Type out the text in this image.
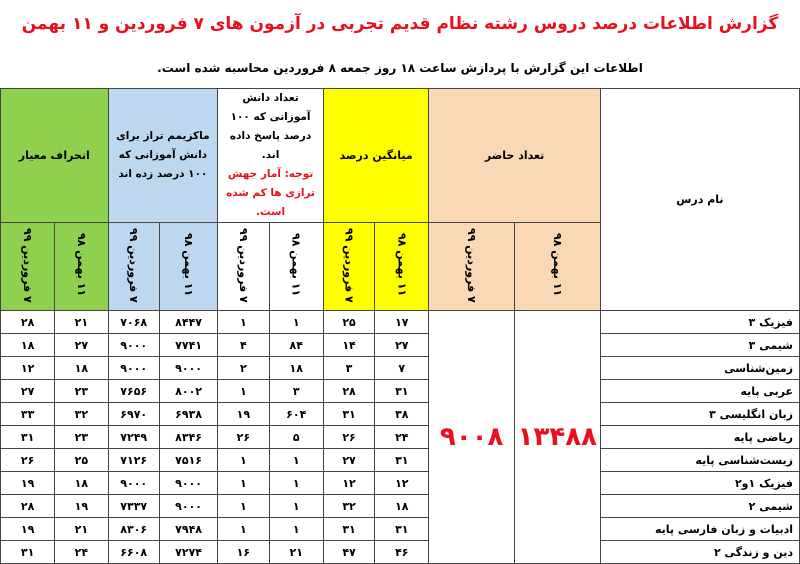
گزارش اطلاعات درصد دروس رشته نظام قدیم تجربی در آزمون های ۷ فروردین و ۱۱ بهمن
اطلاعات این گزارش با پردازش ساعت ۱۸ روز جمعه ۸ فروردین محاسبه شده است.
نام درس	تعداد حاضر		میانگین درصد		تعداد دانش آموزانی که ۱۰۰ درصد پاسخ داده اند.
توجه: آمار جهش ترازی ها کم شده است.		ماکزیمم تراز برای دانش آموزانی که ۱۰۰ درصد زده اند		انحراف معیار	
	۱۱ بهمن ۹۸	۷ فروردین ۹۹	۱۱ بهمن ۹۸	۷ فروردین ۹۹	۱۱ بهمن ۹۸	۷ فروردین ۹۹	۱۱ بهمن ۹۸	۷ فروردین ۹۹	۱۱ بهمن ۹۸	۷ فروردین ۹۹
فیزیک ۳	۱۳۴۸۸	۹۰۰۸	۱۷	۲۵	۱	۱	۸۴۴۷	۷۰۶۸	۲۱	۲۸
شیمی ۳			۲۷	۱۴	۸۴	۴	۷۷۴۱	۹۰۰۰	۲۷	۱۸
زمین‌شناسی			۷	۳	۱۸	۲	۹۰۰۰	۹۰۰۰	۱۸	۱۲
عربی پایه			۳۱	۲۸	۳	۱	۸۰۰۲	۷۶۵۶	۲۳	۲۷
زبان انگلیسی ۳			۳۸	۳۱	۶۰۴	۱۹	۶۹۳۸	۶۹۷۰	۳۲	۳۳
ریاضی پایه			۲۴	۲۶	۵	۲۶	۸۳۴۶	۷۲۴۹	۲۳	۳۱
زیست‌شناسی پایه			۳۱	۲۷	۱	۱	۷۵۱۶	۷۱۲۶	۲۵	۲۶
فیزیک ۱و۲			۱۲	۱۲	۱	۱	۹۰۰۰	۹۰۰۰	۱۸	۱۹
شیمی ۲			۱۸	۳۲	۱	۱	۹۰۰۰	۷۳۳۷	۱۹	۲۸
ادبیات و زبان فارسی پایه			۳۱	۳۱	۱	۱	۷۹۴۸	۸۳۰۶	۲۱	۱۹
دین و زندگی ۲			۴۶	۴۷	۲۱	۱۶	۷۲۷۴	۶۶۰۸	۲۴	۳۱
